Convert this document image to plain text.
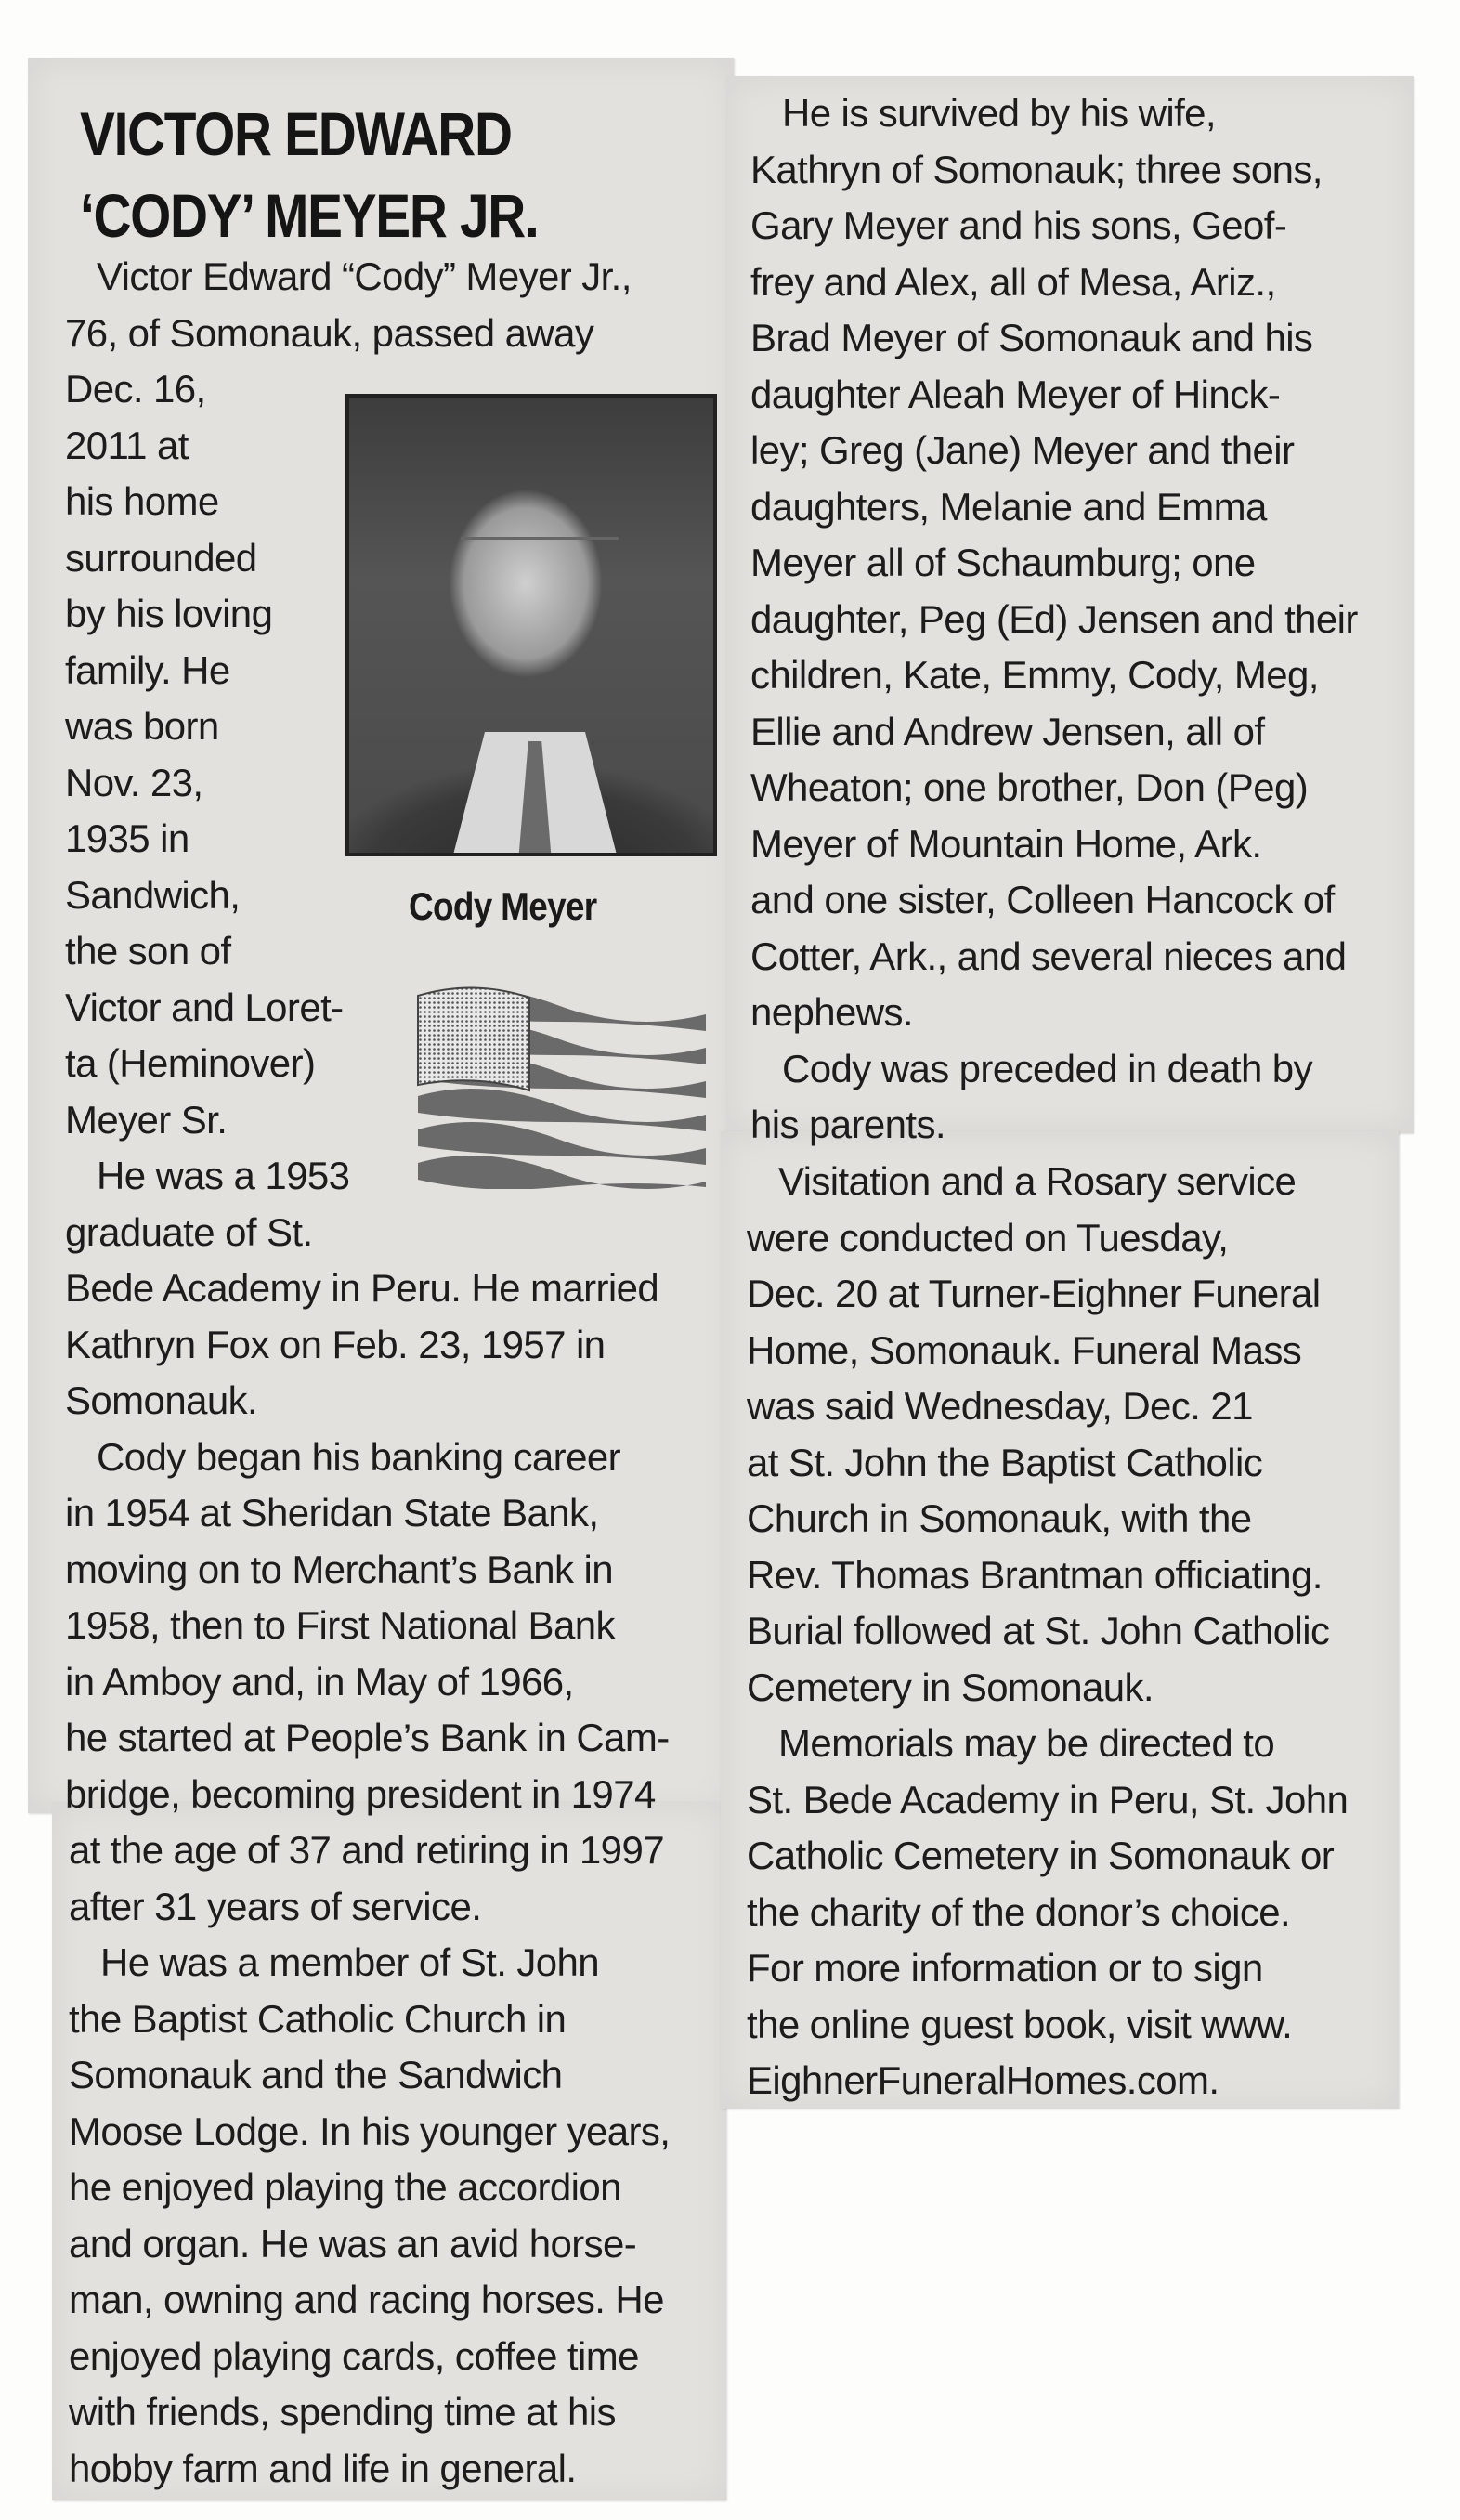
VICTOR EDWARD
‘CODY’ MEYER JR.
Cody Meyer
Victor Edward “Cody” Meyer Jr.,
76, of Somonauk, passed away
Dec. 16,
2011 at
his home
surrounded
by his loving
family. He
was born
Nov. 23,
1935 in
Sandwich,
the son of
Victor and Loret-
ta (Heminover)
Meyer Sr.
He was a 1953
graduate of St.
Bede Academy in Peru. He married
Kathryn Fox on Feb. 23, 1957 in
Somonauk.
Cody began his banking career
in 1954 at Sheridan State Bank,
moving on to Merchant’s Bank in
1958, then to First National Bank
in Amboy and, in May of 1966,
he started at People’s Bank in Cam-
bridge, becoming president in 1974
at the age of 37 and retiring in 1997
after 31 years of service.
He was a member of St. John
the Baptist Catholic Church in
Somonauk and the Sandwich
Moose Lodge. In his younger years,
he enjoyed playing the accordion
and organ. He was an avid horse-
man, owning and racing horses. He
enjoyed playing cards, coffee time
with friends, spending time at his
hobby farm and life in general.
He is survived by his wife,
Kathryn of Somonauk; three sons,
Gary Meyer and his sons, Geof-
frey and Alex, all of Mesa, Ariz.,
Brad Meyer of Somonauk and his
daughter Aleah Meyer of Hinck-
ley; Greg (Jane) Meyer and their
daughters, Melanie and Emma
Meyer all of Schaumburg; one
daughter, Peg (Ed) Jensen and their
children, Kate, Emmy, Cody, Meg,
Ellie and Andrew Jensen, all of
Wheaton; one brother, Don (Peg)
Meyer of Mountain Home, Ark.
and one sister, Colleen Hancock of
Cotter, Ark., and several nieces and
nephews.
Cody was preceded in death by
his parents.
Visitation and a Rosary service
were conducted on Tuesday,
Dec. 20 at Turner-Eighner Funeral
Home, Somonauk. Funeral Mass
was said Wednesday, Dec. 21
at St. John the Baptist Catholic
Church in Somonauk, with the
Rev. Thomas Brantman officiating.
Burial followed at St. John Catholic
Cemetery in Somonauk.
Memorials may be directed to
St. Bede Academy in Peru, St. John
Catholic Cemetery in Somonauk or
the charity of the donor’s choice.
For more information or to sign
the online guest book, visit www.
EighnerFuneralHomes.com.
